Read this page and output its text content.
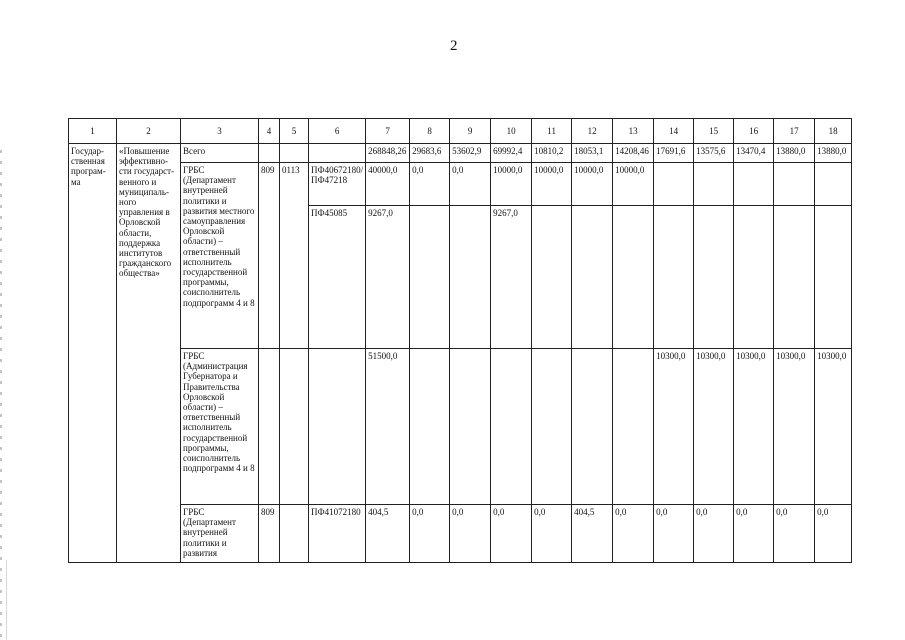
2
1	2	3	4	5	6	7	8	9	10	11	12	13	14	15	16	17	18
Государ-ственная програм-ма	«Повышение эффективно-сти государст-венного и муниципаль-ного управления в Орловской области, поддержка институтов гражданского общества»	Всего				268848,26	29683,6	53602,9	69992,4	10810,2	18053,1	14208,46	17691,6	13575,6	13470,4	13880,0	13880,0
		ГРБС (Департамент внутренней политики и развития местного самоуправления Орловской области) – ответственный исполнитель государственной программы, соисполнитель подпрограмм 4 и 8	809	0113	ПФ40672180/ ПФ47218	40000,0	0,0	0,0	10000,0	10000,0	10000,0	10000,0					
					ПФ45085	9267,0			9267,0								
		ГРБС (Администрация Губернатора и Правительства Орловской области) – ответственный исполнитель государственной программы, соисполнитель подпрограмм 4 и 8				51500,0							10300,0	10300,0	10300,0	10300,0	10300,0
		ГРБС (Департамент внутренней политики и развития	809		ПФ41072180	404,5	0,0	0,0	0,0	0,0	404,5	0,0	0,0	0,0	0,0	0,0	0,0
